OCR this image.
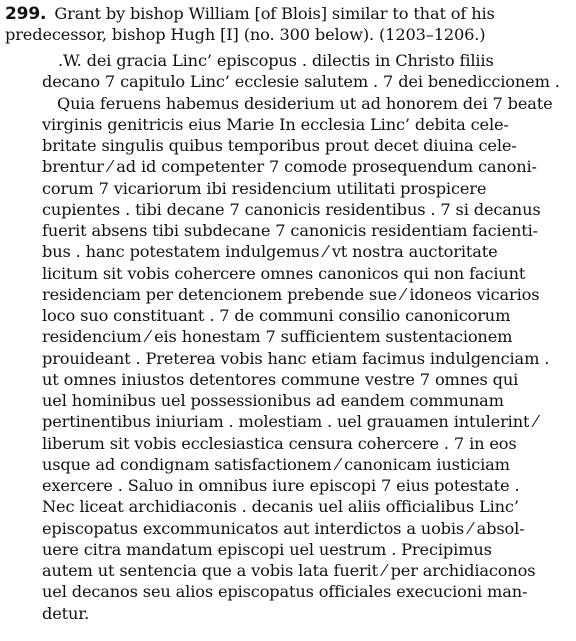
299. Grant by bishop William [of Blois] similar to that of his
predecessor, bishop Hugh [I] (no. 300 below). (1203–1206.)
.W. dei gracia Linc’ episcopus . dilectis in Christo filiis
decano 7 capitulo Linc’ ecclesie salutem . 7 dei benediccionem .
Quia feruens habemus desiderium ut ad honorem dei 7 beate
virginis genitricis eius Marie In ecclesia Linc’ debita cele-
britate singulis quibus temporibus prout decet diuina cele-
brentur ⁄ ad id competenter 7 comode prosequendum canoni-
corum 7 vicariorum ibi residencium utilitati prospicere
cupientes . tibi decane 7 canonicis residentibus . 7 si decanus
fuerit absens tibi subdecane 7 canonicis residentiam facienti-
bus . hanc potestatem indulgemus ⁄ vt nostra auctoritate
licitum sit vobis cohercere omnes canonicos qui non faciunt
residenciam per detencionem prebende sue ⁄ idoneos vicarios
loco suo constituant . 7 de communi consilio canonicorum
residencium ⁄ eis honestam 7 sufficientem sustentacionem
prouideant . Preterea vobis hanc etiam facimus indulgenciam .
ut omnes iniustos detentores commune vestre 7 omnes qui
uel hominibus uel possessionibus ad eandem communam
pertinentibus iniuriam . molestiam . uel grauamen intulerint ⁄
liberum sit vobis ecclesiastica censura cohercere . 7 in eos
usque ad condignam satisfactionem ⁄ canonicam iusticiam
exercere . Saluo in omnibus iure episcopi 7 eius potestate .
Nec liceat archidiaconis . decanis uel aliis officialibus Linc’
episcopatus excommunicatos aut interdictos a uobis ⁄ absol-
uere citra mandatum episcopi uel uestrum . Precipimus
autem ut sentencia que a vobis lata fuerit ⁄ per archidiaconos
uel decanos seu alios episcopatus officiales execucioni man-
detur.
